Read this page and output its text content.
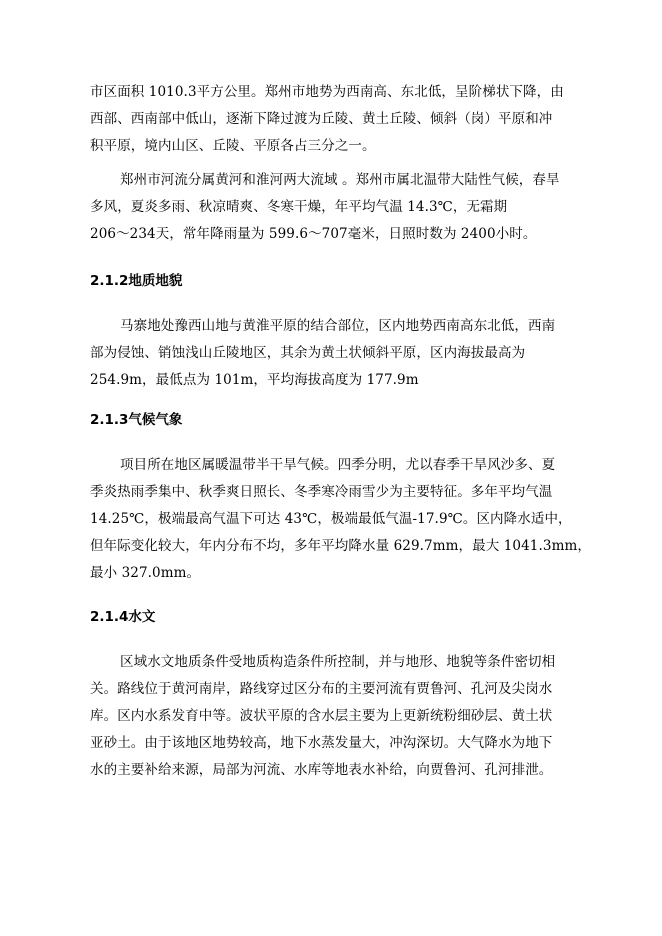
市区面积 1010.3平方公里。郑州市地势为西南高、东北低，呈阶梯状下降，由
西部、西南部中低山，逐渐下降过渡为丘陵、黄土丘陵、倾斜（岗）平原和冲
积平原，境内山区、丘陵、平原各占三分之一。
郑州市河流分属黄河和淮河两大流域 。郑州市属北温带大陆性气候，春旱
多风，夏炎多雨、秋凉晴爽、冬寒干燥，年平均气温 14.3℃，无霜期
206～234天，常年降雨量为 599.6～707毫米，日照时数为 2400小时。
2.1.2地质地貌
马寨地处豫西山地与黄淮平原的结合部位，区内地势西南高东北低，西南
部为侵蚀、销蚀浅山丘陵地区，其余为黄土状倾斜平原，区内海拔最高为
254.9m，最低点为 101m，平均海拔高度为 177.9m
2.1.3气候气象
项目所在地区属暖温带半干旱气候。四季分明，尤以春季干旱风沙多、夏
季炎热雨季集中、秋季爽日照长、冬季寒冷雨雪少为主要特征。多年平均气温
14.25℃，极端最高气温下可达 43℃，极端最低气温-17.9℃。区内降水适中，
但年际变化较大，年内分布不均，多年平均降水量 629.7mm，最大 1041.3mm，
最小 327.0mm。
2.1.4水文
区域水文地质条件受地质构造条件所控制，并与地形、地貌等条件密切相
关。路线位于黄河南岸，路线穿过区分布的主要河流有贾鲁河、孔河及尖岗水
库。区内水系发育中等。波状平原的含水层主要为上更新统粉细砂层、黄土状
亚砂土。由于该地区地势较高，地下水蒸发量大，冲沟深切。大气降水为地下
水的主要补给来源，局部为河流、水库等地表水补给，向贾鲁河、孔河排泄。
